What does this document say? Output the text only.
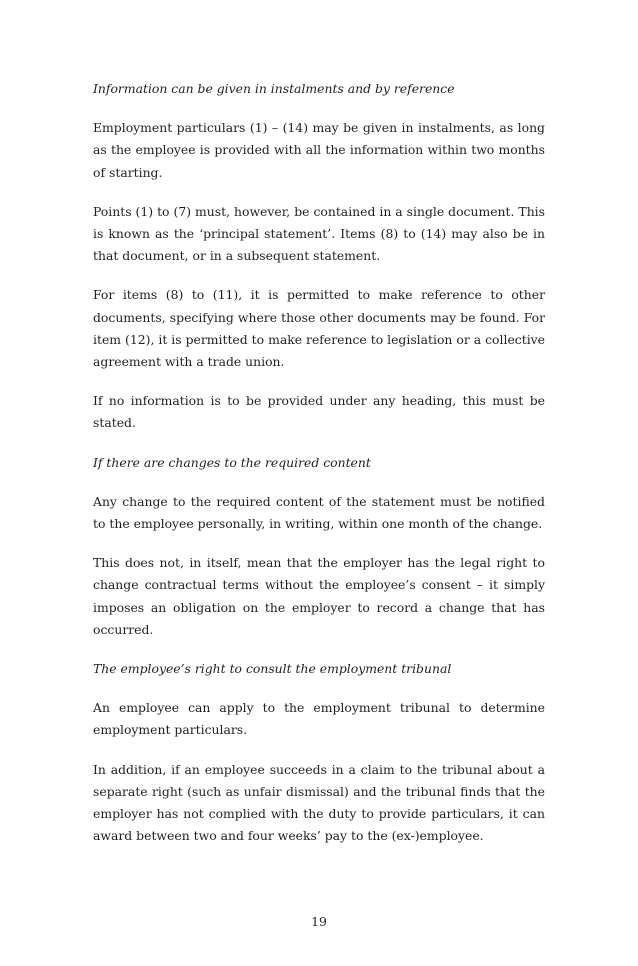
Information can be given in instalments and by reference

Employment particulars (1) – (14) may be given in instalments, as long as the employee is provided with all the information within two months of starting.

Points (1) to (7) must, however, be contained in a single document. This is known as the ‘principal statement’. Items (8) to (14) may also be in that document, or in a subsequent statement.

For items (8) to (11), it is permitted to make reference to other documents, specifying where those other documents may be found. For item (12), it is permitted to make reference to legislation or a collective agreement with a trade union.

If no information is to be provided under any heading, this must be stated.

If there are changes to the required content

Any change to the required content of the statement must be notified to the employee personally, in writing, within one month of the change.

This does not, in itself, mean that the employer has the legal right to change contractual terms without the employee’s consent – it simply imposes an obligation on the employer to record a change that has occurred.

The employee’s right to consult the employment tribunal

An employee can apply to the employment tribunal to determine employment particulars.

In addition, if an employee succeeds in a claim to the tribunal about a separate right (such as unfair dismissal) and the tribunal finds that the employer has not complied with the duty to provide particulars, it can award between two and four weeks’ pay to the (ex-)employee.

19
